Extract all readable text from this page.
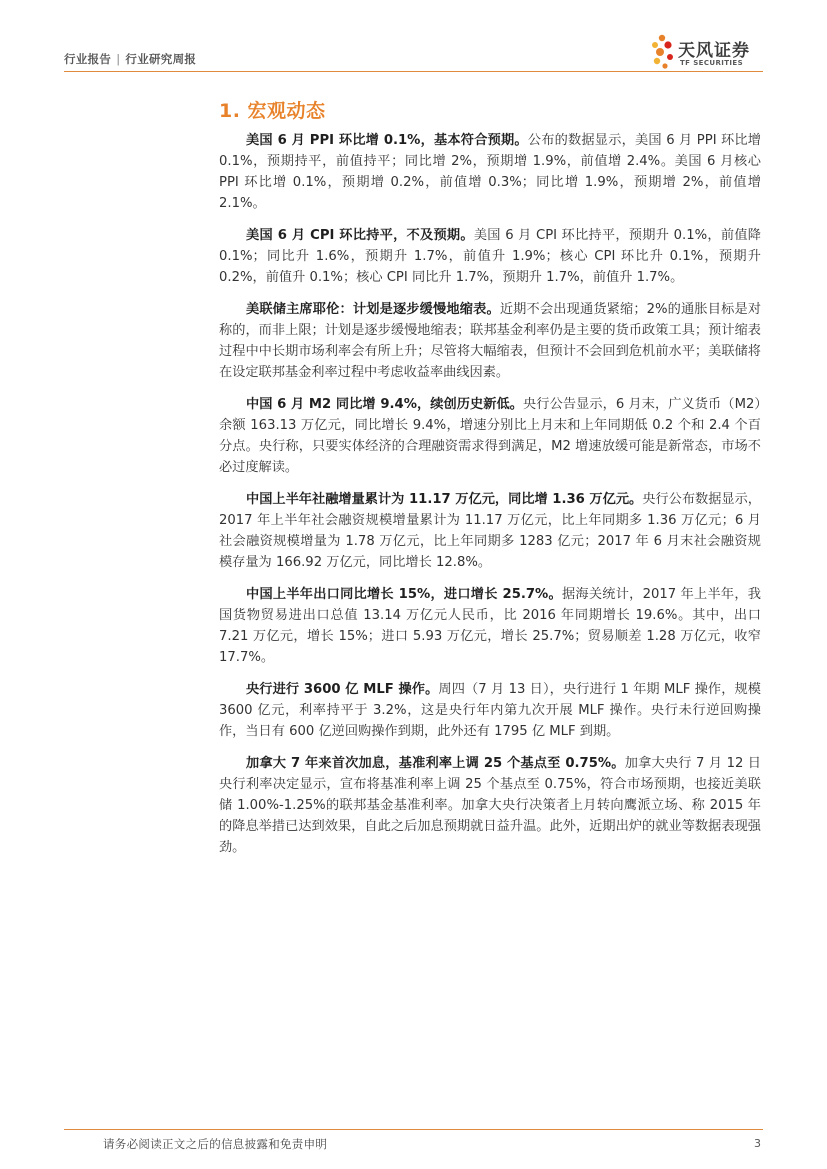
行业报告 | 行业研究周报	天风证券
TF SECURITIES
1. 宏观动态

美国 6 月 PPI 环比增 0.1%，基本符合预期。公布的数据显示，美国 6 月 PPI 环比增 0.1%，预期持平，前值持平；同比增 2%，预期增 1.9%，前值增 2.4%。美国 6 月核心 PPI 环比增 0.1%，预期增 0.2%，前值增 0.3%；同比增 1.9%，预期增 2%，前值增 2.1%。

美国 6 月 CPI 环比持平，不及预期。美国 6 月 CPI 环比持平，预期升 0.1%，前值降 0.1%；同比升 1.6%，预期升 1.7%，前值升 1.9%；核心 CPI 环比升 0.1%，预期升 0.2%，前值升 0.1%；核心 CPI 同比升 1.7%，预期升 1.7%，前值升 1.7%。

美联储主席耶伦：计划是逐步缓慢地缩表。近期不会出现通货紧缩；2%的通胀目标是对称的，而非上限；计划是逐步缓慢地缩表；联邦基金利率仍是主要的货币政策工具；预计缩表过程中中长期市场利率会有所上升；尽管将大幅缩表，但预计不会回到危机前水平；美联储将在设定联邦基金利率过程中考虑收益率曲线因素。

中国 6 月 M2 同比增 9.4%，续创历史新低。央行公告显示，6 月末，广义货币（M2）余额 163.13 万亿元，同比增长 9.4%，增速分别比上月末和上年同期低 0.2 个和 2.4 个百分点。央行称，只要实体经济的合理融资需求得到满足，M2 增速放缓可能是新常态，市场不必过度解读。

中国上半年社融增量累计为 11.17 万亿元，同比增 1.36 万亿元。央行公布数据显示，2017 年上半年社会融资规模增量累计为 11.17 万亿元，比上年同期多 1.36 万亿元；6 月社会融资规模增量为 1.78 万亿元，比上年同期多 1283 亿元；2017 年 6 月末社会融资规模存量为 166.92 万亿元，同比增长 12.8%。

中国上半年出口同比增长 15%，进口增长 25.7%。据海关统计，2017 年上半年，我国货物贸易进出口总值 13.14 万亿元人民币，比 2016 年同期增长 19.6%。其中，出口 7.21 万亿元，增长 15%；进口 5.93 万亿元，增长 25.7%；贸易顺差 1.28 万亿元，收窄 17.7%。

央行进行 3600 亿 MLF 操作。周四（7 月 13 日），央行进行 1 年期 MLF 操作，规模 3600 亿元，利率持平于 3.2%，这是央行年内第九次开展 MLF 操作。央行未行逆回购操作，当日有 600 亿逆回购操作到期，此外还有 1795 亿 MLF 到期。

加拿大 7 年来首次加息，基准利率上调 25 个基点至 0.75%。加拿大央行 7 月 12 日央行利率决定显示，宣布将基准利率上调 25 个基点至 0.75%，符合市场预期，也接近美联储 1.00%-1.25%的联邦基金基准利率。加拿大央行决策者上月转向鹰派立场、称 2015 年的降息举措已达到效果，自此之后加息预期就日益升温。此外，近期出炉的就业等数据表现强劲。

请务必阅读正文之后的信息披露和免责申明	3
